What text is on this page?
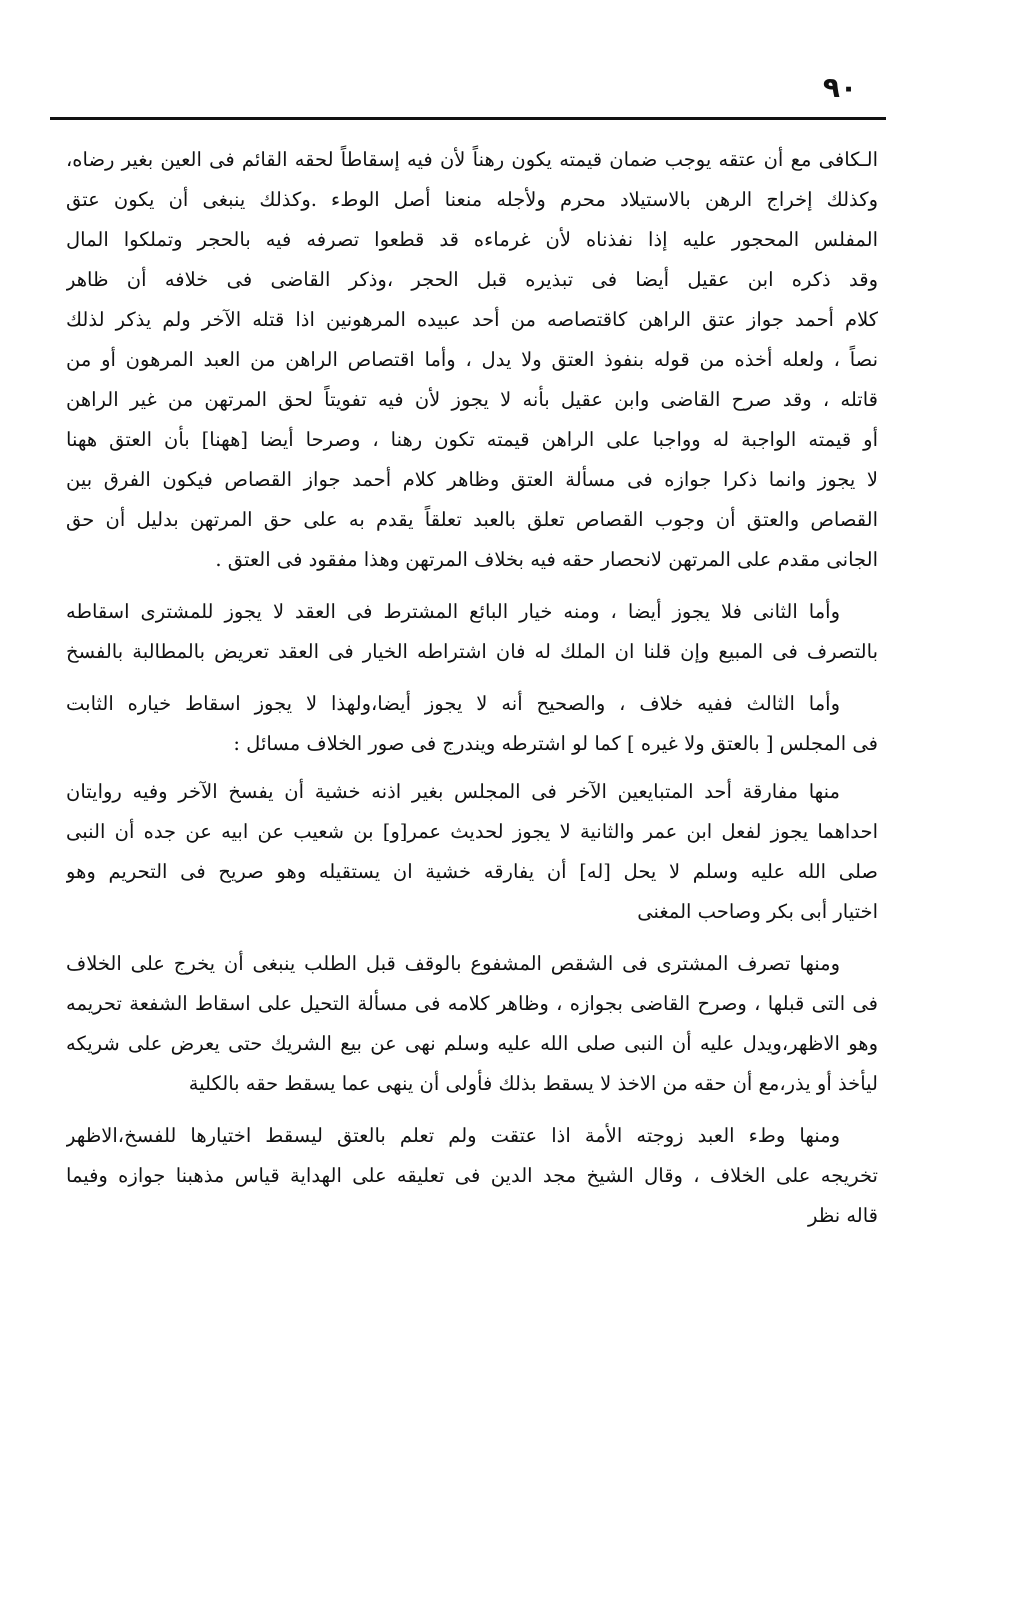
٩٠
الـكافى مع أن عتقه يوجب ضمان قيمته يكون رهناً لأن فيه إسقاطاً لحقه القائم فى العين بغير رضاه،
وكذلك إخراج الرهن بالاستيلاد محرم ولأجله منعنا أصل الوطء .وكذلك ينبغى أن يكون عتق
المفلس المحجور عليه إذا نفذناه لأن غرماءه قد قطعوا تصرفه فيه بالحجر وتملكوا المال
وقد ذكره ابن عقيل أيضا فى تبذيره قبل الحجر ،وذكر القاضى فى خلافه أن ظاهر
كلام أحمد جواز عتق الراهن كاقتصاصه من أحد عبيده المرهونين اذا قتله الآخر ولم يذكر لذلك
نصاً ، ولعله أخذه من قوله بنفوذ العتق ولا يدل ، وأما اقتصاص الراهن من العبد المرهون أو من
قاتله ، وقد صرح القاضى وابن عقيل بأنه لا يجوز لأن فيه تفويتاً لحق المرتهن من غير الراهن
أو قيمته الواجبة له وواجبا على الراهن قيمته تكون رهنا ، وصرحا أيضا [ههنا] بأن العتق ههنا
لا يجوز وانما ذكرا جوازه فى مسألة العتق وظاهر كلام أحمد جواز القصاص فيكون الفرق بين
القصاص والعتق أن وجوب القصاص تعلق بالعبد تعلقاً يقدم به على حق المرتهن بدليل أن حق
الجانى مقدم على المرتهن لانحصار حقه فيه بخلاف المرتهن وهذا مفقود فى العتق .
وأما الثانى فلا يجوز أيضا ، ومنه خيار البائع المشترط فى العقد لا يجوز للمشترى اسقاطه
بالتصرف فى المبيع وإن قلنا ان الملك له فان اشتراطه الخيار فى العقد تعريض بالمطالبة بالفسخ
وأما الثالث ففيه خلاف ، والصحيح أنه لا يجوز أيضا،ولهذا لا يجوز اسقاط خياره الثابت
فى المجلس [ بالعتق ولا غيره ] كما لو اشترطه ويندرج فى صور الخلاف مسائل :
منها مفارقة أحد المتبايعين الآخر فى المجلس بغير اذنه خشية أن يفسخ الآخر وفيه روايتان
احداهما يجوز لفعل ابن عمر والثانية لا يجوز لحديث عمر[و] بن شعيب عن ابيه عن جده أن النبى
صلى الله عليه وسلم لا يحل [له] أن يفارقه خشية ان يستقيله وهو صريح فى التحريم وهو
اختيار أبى بكر وصاحب المغنى
ومنها تصرف المشترى فى الشقص المشفوع بالوقف قبل الطلب ينبغى أن يخرج على الخلاف
فى التى قبلها ، وصرح القاضى بجوازه ، وظاهر كلامه فى مسألة التحيل على اسقاط الشفعة تحريمه
وهو الاظهر،ويدل عليه أن النبى صلى الله عليه وسلم نهى عن بيع الشريك حتى يعرض على شريكه
ليأخذ أو يذر،مع أن حقه من الاخذ لا يسقط بذلك فأولى أن ينهى عما يسقط حقه بالكلية
ومنها وطء العبد زوجته الأمة اذا عتقت ولم تعلم بالعتق ليسقط اختيارها للفسخ،الاظهر
تخريجه على الخلاف ، وقال الشيخ مجد الدين فى تعليقه على الهداية قياس مذهبنا جوازه وفيما
قاله نظر
